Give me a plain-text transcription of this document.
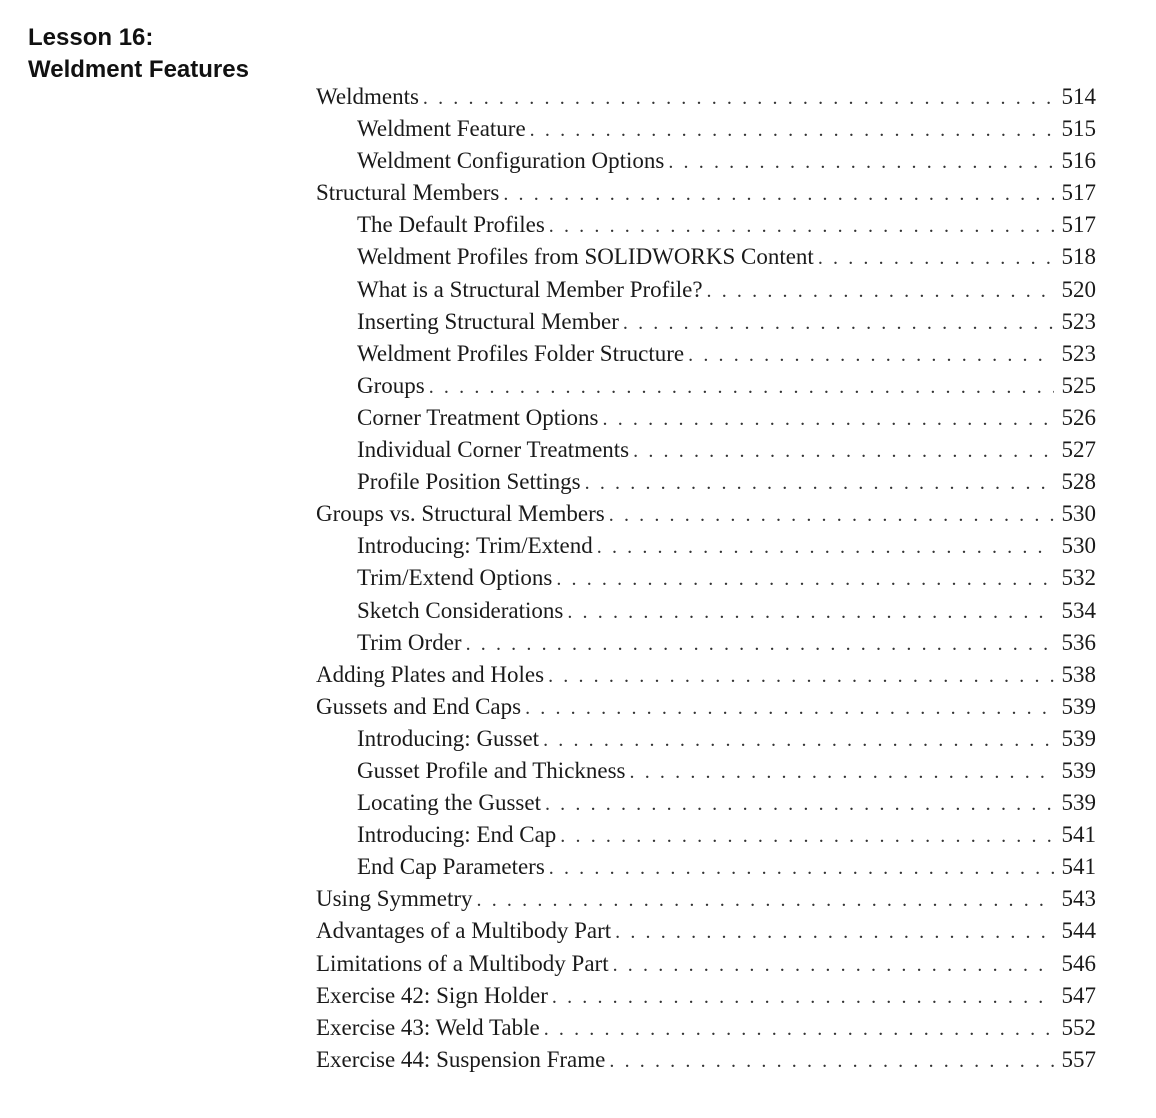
Lesson 16:
Weldment Features
Weldments . . .	514
Weldment Feature . . .	515
Weldment Configuration Options . . .	516
Structural Members . . .	517
The Default Profiles . . .	517
Weldment Profiles from SOLIDWORKS Content . . .	518
What is a Structural Member Profile? . . .	520
Inserting Structural Member . . .	523
Weldment Profiles Folder Structure . . .	523
Groups . . .	525
Corner Treatment Options . . .	526
Individual Corner Treatments . . .	527
Profile Position Settings . . .	528
Groups vs. Structural Members . . .	530
Introducing: Trim/Extend . . .	530
Trim/Extend Options . . .	532
Sketch Considerations . . .	534
Trim Order . . .	536
Adding Plates and Holes . . .	538
Gussets and End Caps . . .	539
Introducing: Gusset . . .	539
Gusset Profile and Thickness . . .	539
Locating the Gusset . . .	539
Introducing: End Cap . . .	541
End Cap Parameters . . .	541
Using Symmetry . . .	543
Advantages of a Multibody Part . . .	544
Limitations of a Multibody Part . . .	546
Exercise 42: Sign Holder . . .	547
Exercise 43: Weld Table . . .	552
Exercise 44: Suspension Frame . . .	557
